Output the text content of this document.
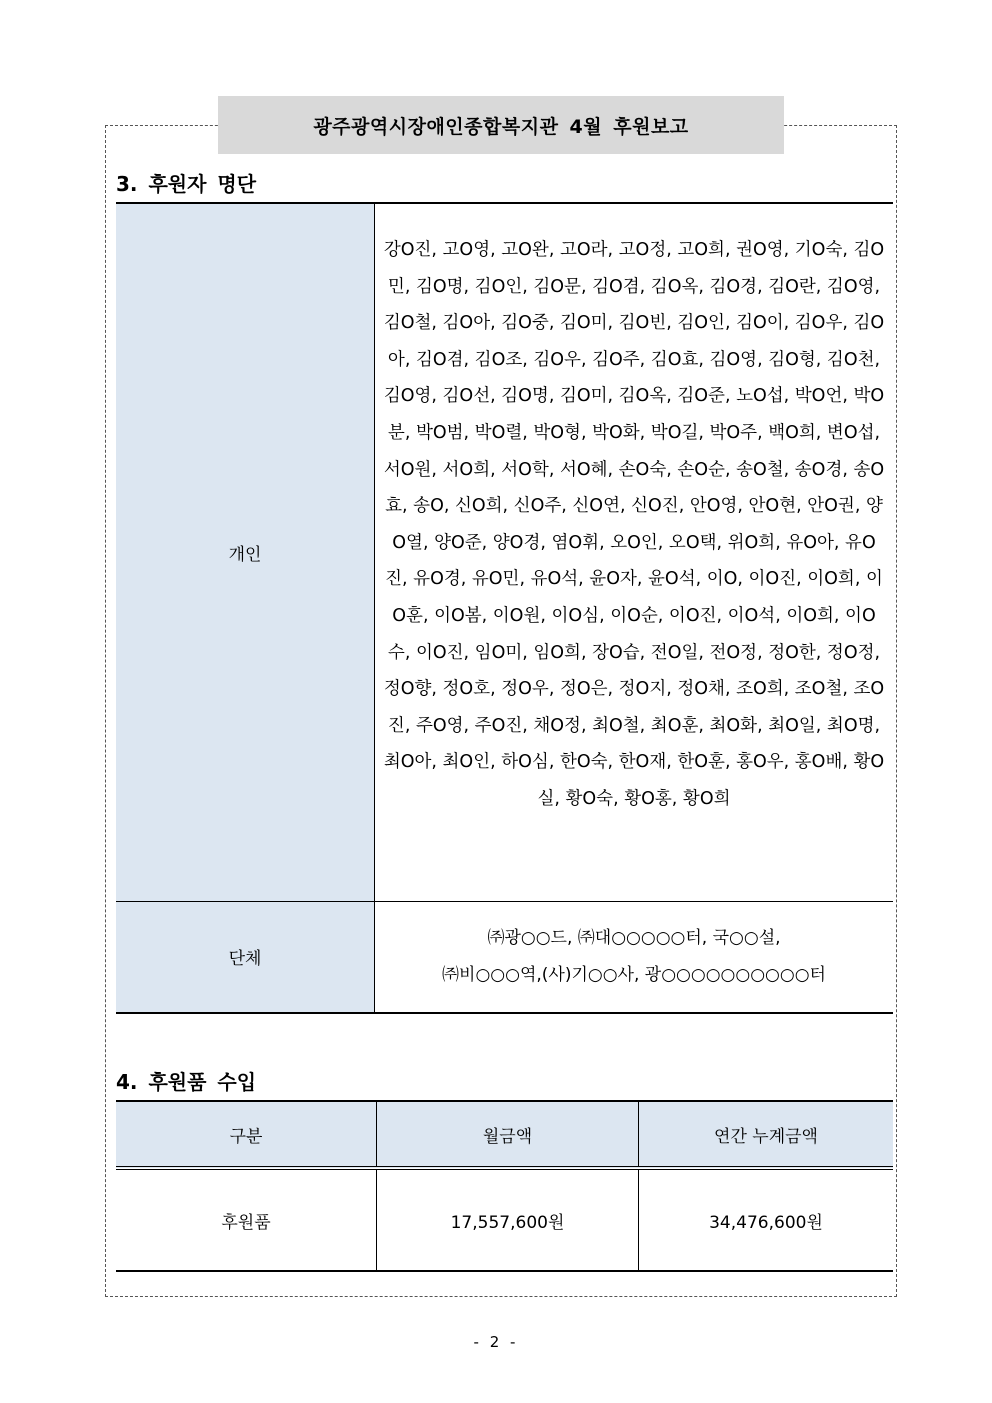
광주광역시장애인종합복지관 4월 후원보고
3. 후원자 명단
개인	강O진, 고O영, 고O완, 고O라, 고O정, 고O희, 권O영, 기O숙, 김O민, 김O명, 김O인, 김O문, 김O겸, 김O옥, 김O경, 김O란, 김O영, 김O철, 김O아, 김O중, 김O미, 김O빈, 김O인, 김O이, 김O우, 김O아, 김O겸, 김O조, 김O우, 김O주, 김O효, 김O영, 김O형, 김O천, 김O영, 김O선, 김O명, 김O미, 김O옥, 김O준, 노O섭, 박O언, 박O분, 박O범, 박O렬, 박O형, 박O화, 박O길, 박O주, 백O희, 변O섭, 서O원, 서O희, 서O학, 서O혜, 손O숙, 손O순, 송O철, 송O경, 송O효, 송O, 신O희, 신O주, 신O연, 신O진, 안O영, 안O현, 안O권, 양O열, 양O준, 양O경, 염O휘, 오O인, 오O택, 위O희, 유O아, 유O진, 유O경, 유O민, 유O석, 윤O자, 윤O석, 이O, 이O진, 이O희, 이O훈, 이O봄, 이O원, 이O심, 이O순, 이O진, 이O석, 이O희, 이O수, 이O진, 임O미, 임O희, 장O습, 전O일, 전O정, 정O한, 정O정, 정O향, 정O호, 정O우, 정O은, 정O지, 정O채, 조O희, 조O철, 조O진, 주O영, 주O진, 채O정, 최O철, 최O훈, 최O화, 최O일, 최O명, 최O아, 최O인, 하O심, 한O숙, 한O재, 한O훈, 홍O우, 홍O배, 황O실, 황O숙, 황O홍, 황O희
단체	㈜광○○드, ㈜대○○○○○터, 국○○설,
㈜비○○○역,(사)기○○사, 광○○○○○○○○○○터
4. 후원품 수입
구분	월금액	연간 누계금액
후원품	17,557,600원	34,476,600원
- 2 -
